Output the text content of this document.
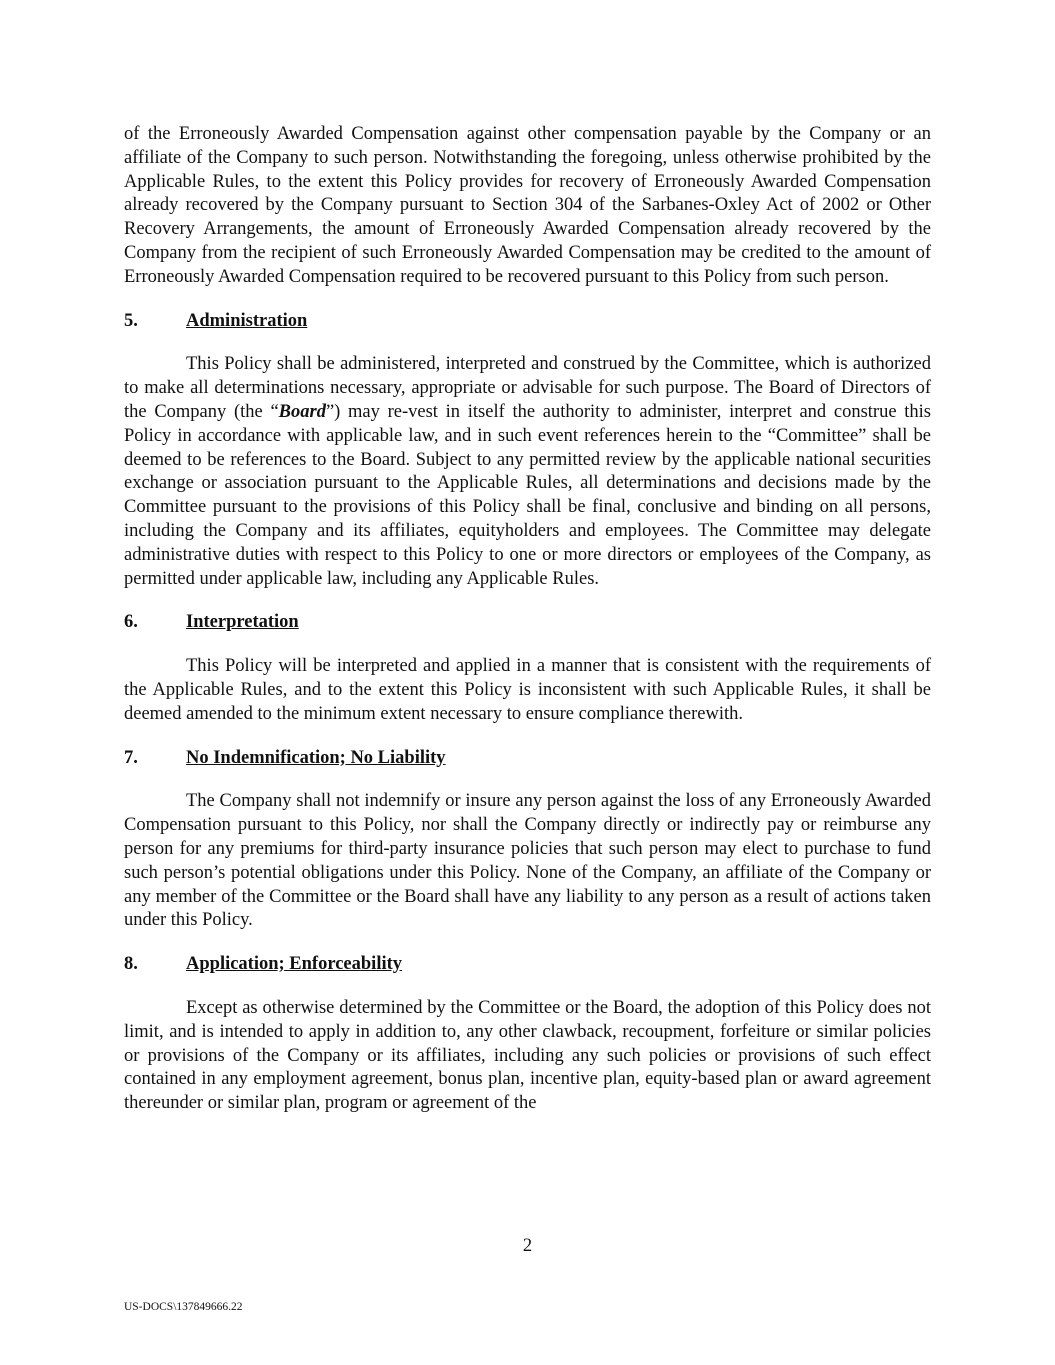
of the Erroneously Awarded Compensation against other compensation payable by the Company or an affiliate of the Company to such person. Notwithstanding the foregoing, unless otherwise prohibited by the Applicable Rules, to the extent this Policy provides for recovery of Erroneously Awarded Compensation already recovered by the Company pursuant to Section 304 of the Sarbanes-Oxley Act of 2002 or Other Recovery Arrangements, the amount of Erroneously Awarded Compensation already recovered by the Company from the recipient of such Erroneously Awarded Compensation may be credited to the amount of Erroneously Awarded Compensation required to be recovered pursuant to this Policy from such person.

5.	Administration

This Policy shall be administered, interpreted and construed by the Committee, which is authorized to make all determinations necessary, appropriate or advisable for such purpose. The Board of Directors of the Company (the “Board”) may re-vest in itself the authority to administer, interpret and construe this Policy in accordance with applicable law, and in such event references herein to the “Committee” shall be deemed to be references to the Board. Subject to any permitted review by the applicable national securities exchange or association pursuant to the Applicable Rules, all determinations and decisions made by the Committee pursuant to the provisions of this Policy shall be final, conclusive and binding on all persons, including the Company and its affiliates, equityholders and employees. The Committee may delegate administrative duties with respect to this Policy to one or more directors or employees of the Company, as permitted under applicable law, including any Applicable Rules.

6.	Interpretation

This Policy will be interpreted and applied in a manner that is consistent with the requirements of the Applicable Rules, and to the extent this Policy is inconsistent with such Applicable Rules, it shall be deemed amended to the minimum extent necessary to ensure compliance therewith.

7.	No Indemnification; No Liability

The Company shall not indemnify or insure any person against the loss of any Erroneously Awarded Compensation pursuant to this Policy, nor shall the Company directly or indirectly pay or reimburse any person for any premiums for third-party insurance policies that such person may elect to purchase to fund such person’s potential obligations under this Policy. None of the Company, an affiliate of the Company or any member of the Committee or the Board shall have any liability to any person as a result of actions taken under this Policy.

8.	Application; Enforceability

Except as otherwise determined by the Committee or the Board, the adoption of this Policy does not limit, and is intended to apply in addition to, any other clawback, recoupment, forfeiture or similar policies or provisions of the Company or its affiliates, including any such policies or provisions of such effect contained in any employment agreement, bonus plan, incentive plan, equity-based plan or award agreement thereunder or similar plan, program or agreement of the

2
US-DOCS\137849666.22
